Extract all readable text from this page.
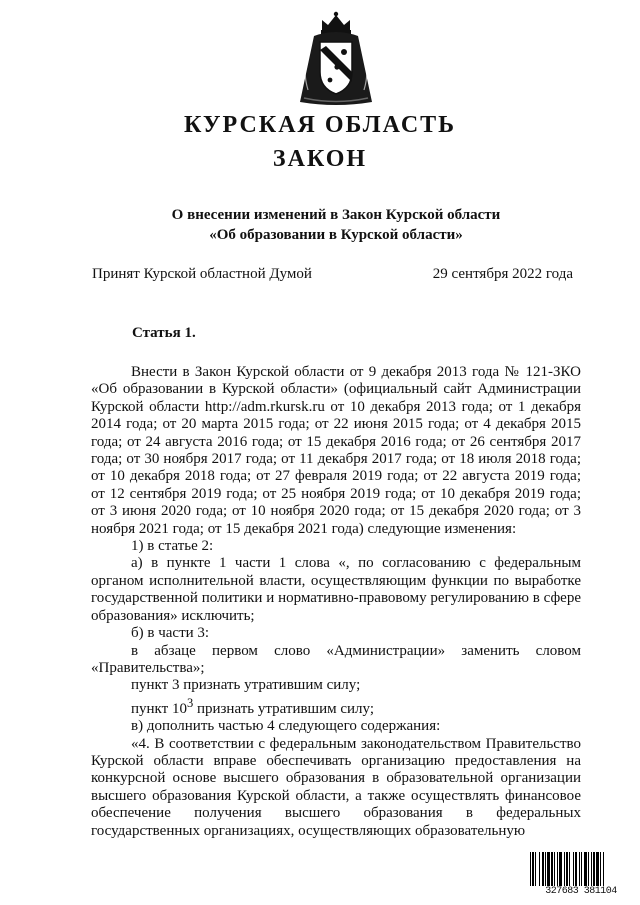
КУРСКАЯ ОБЛАСТЬ
ЗАКОН
О внесении изменений в Закон Курской области
«Об образовании в Курской области»
Принят Курской областной Думой	29 сентября 2022 года
Статья 1.

Внести в Закон Курской области от 9 декабря 2013 года № 121-ЗКО «Об образовании в Курской области» (официальный сайт Администрации Курской области http://adm.rkursk.ru от 10 декабря 2013 года; от 1 декабря 2014 года; от 20 марта 2015 года; от 22 июня 2015 года; от 4 декабря 2015 года; от 24 августа 2016 года; от 15 декабря 2016 года; от 26 сентября 2017 года; от 30 ноября 2017 года; от 11 декабря 2017 года; от 18 июля 2018 года; от 10 декабря 2018 года; от 27 февраля 2019 года; от 22 августа 2019 года; от 12 сентября 2019 года; от 25 ноября 2019 года; от 10 декабря 2019 года; от 3 июня 2020 года; от 10 ноября 2020 года; от 15 декабря 2020 года; от 3 ноября 2021 года; от 15 декабря 2021 года) следующие изменения:

1) в статье 2:

а) в пункте 1 части 1 слова «, по согласованию с федеральным органом исполнительной власти, осуществляющим функции по выработке государственной политики и нормативно-правовому регулированию в сфере образования» исключить;

б) в части 3:

в абзаце первом слово «Администрации» заменить словом «Правительства»;

пункт 3 признать утратившим силу;

пункт $10^3$ признать утратившим силу;

в) дополнить частью 4 следующего содержания:

«4. В соответствии с федеральным законодательством Правительство Курской области вправе обеспечивать организацию предоставления на конкурсной основе высшего образования в образовательной организации высшего образования Курской области, а также осуществлять финансовое обеспечение получения высшего образования в федеральных государственных организациях, осуществляющих образовательную

327683 381104
